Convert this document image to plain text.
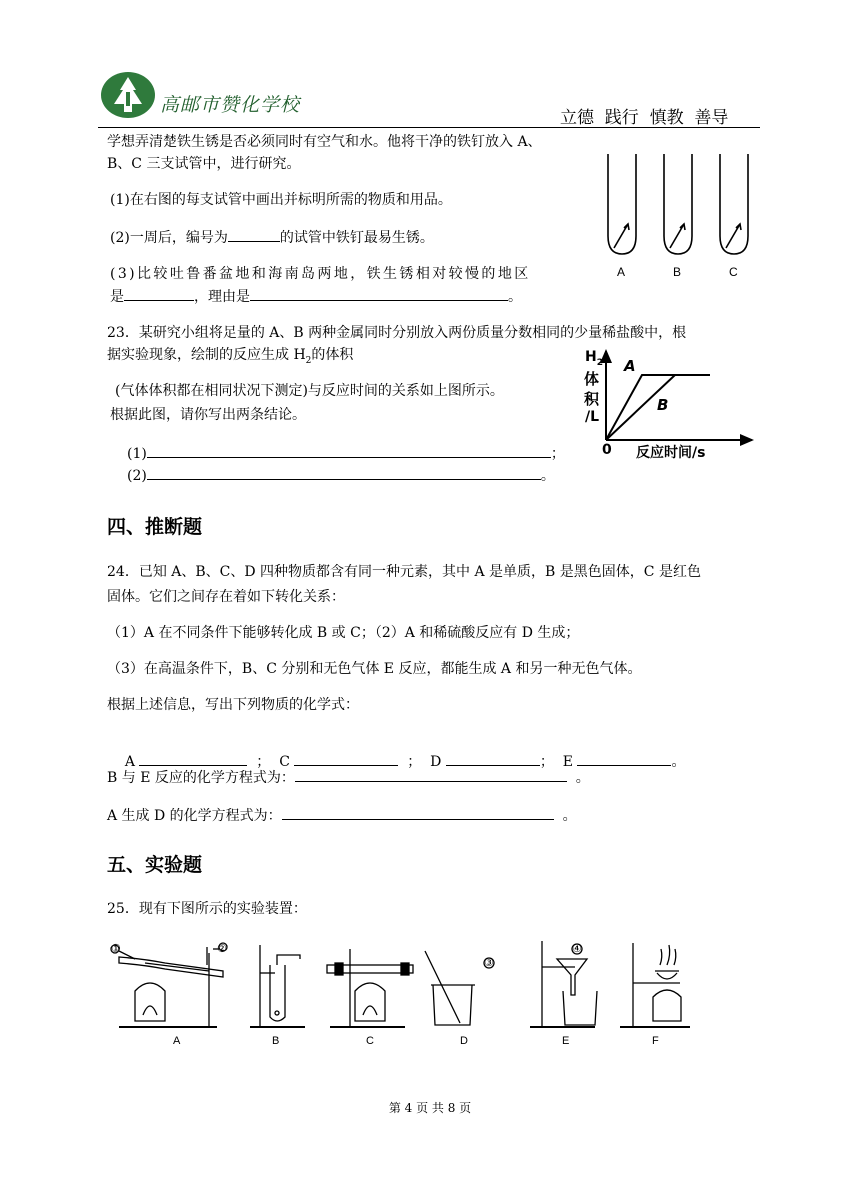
高邮市赞化学校
立德  践行  慎教  善导
学想弄清楚铁生锈是否必须同时有空气和水。他将干净的铁钉放入 A、
B、C 三支试管中，进行研究。
(1)在右图的每支试管中画出并标明所需的物质和用品。
(2)一周后，编号为	的试管中铁钉最易生锈。
(3)比较吐鲁番盆地和海南岛两地，铁生锈相对较慢的地区
是	，理由是	。
A	B	C
23．某研究小组将足量的 A、B 两种金属同时分别放入两份质量分数相同的少量稀盐酸中，根
据实验现象，绘制的反应生成 $H_2$的体积
(气体体积都在相同状况下测定)与反应时间的关系如上图所示。
根据此图，请你写出两条结论。
(1)	；
(2)	。
$H_2$
体
积
/L
0 反应时间/s
A
B
四、推断题
24．已知 A、B、C、D 四种物质都含有同一种元素，其中 A 是单质，B 是黑色固体，C 是红色
固体。它们之间存在着如下转化关系：
（1）A 在不同条件下能够转化成 B 或 C；（2）A 和稀硫酸反应有 D 生成；
（3）在高温条件下，B、C 分别和无色气体 E 反应，都能生成 A 和另一种无色气体。
根据上述信息，写出下列物质的化学式：

A	；  C	；  D	；  E	。

B 与 E 反应的化学方程式为：	。
A 生成 D 的化学方程式为：	。
五、实验题
25．现有下图所示的实验装置：
①	②
③
④
A	B	C	D	E	F
第 4 页 共 8 页
